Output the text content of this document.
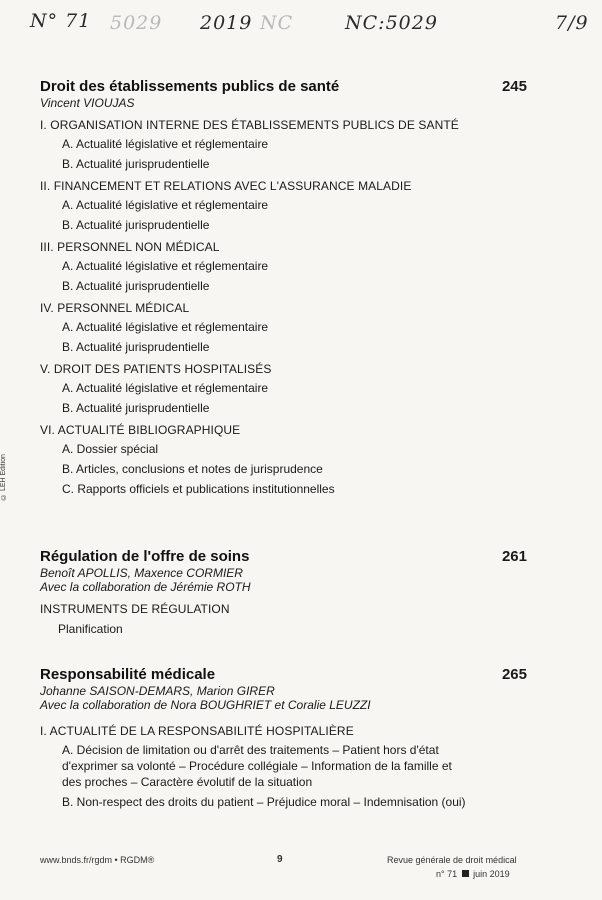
N° 71 5029 2019 NC	NC:5029	7/9
© LEH Édition
Droit des établissements publics de santé	245
Vincent VIOUJAS
I. ORGANISATION INTERNE DES ÉTABLISSEMENTS PUBLICS DE SANTÉ
A. Actualité législative et réglementaire
B. Actualité jurisprudentielle
II. FINANCEMENT ET RELATIONS AVEC L'ASSURANCE MALADIE
A. Actualité législative et réglementaire
B. Actualité jurisprudentielle
III. PERSONNEL NON MÉDICAL
A. Actualité législative et réglementaire
B. Actualité jurisprudentielle
IV. PERSONNEL MÉDICAL
A. Actualité législative et réglementaire
B. Actualité jurisprudentielle
V. DROIT DES PATIENTS HOSPITALISÉS
A. Actualité législative et réglementaire
B. Actualité jurisprudentielle
VI. ACTUALITÉ BIBLIOGRAPHIQUE
A. Dossier spécial
B. Articles, conclusions et notes de jurisprudence
C. Rapports officiels et publications institutionnelles
Régulation de l'offre de soins	261
Benoît APOLLIS, Maxence CORMIER
Avec la collaboration de Jérémie ROTH
INSTRUMENTS DE RÉGULATION
Planification
Responsabilité médicale	265
Johanne SAISON-DEMARS, Marion GIRER
Avec la collaboration de Nora BOUGHRIET et Coralie LEUZZI
I. ACTUALITÉ DE LA RESPONSABILITÉ HOSPITALIÈRE
A. Décision de limitation ou d'arrêt des traitements – Patient hors d'état d'exprimer sa volonté – Procédure collégiale – Information de la famille et des proches – Caractère évolutif de la situation
B. Non-respect des droits du patient – Préjudice moral – Indemnisation (oui)
www.bnds.fr/rgdm • RGDM®	9	Revue générale de droit médical
n° 71 juin 2019
